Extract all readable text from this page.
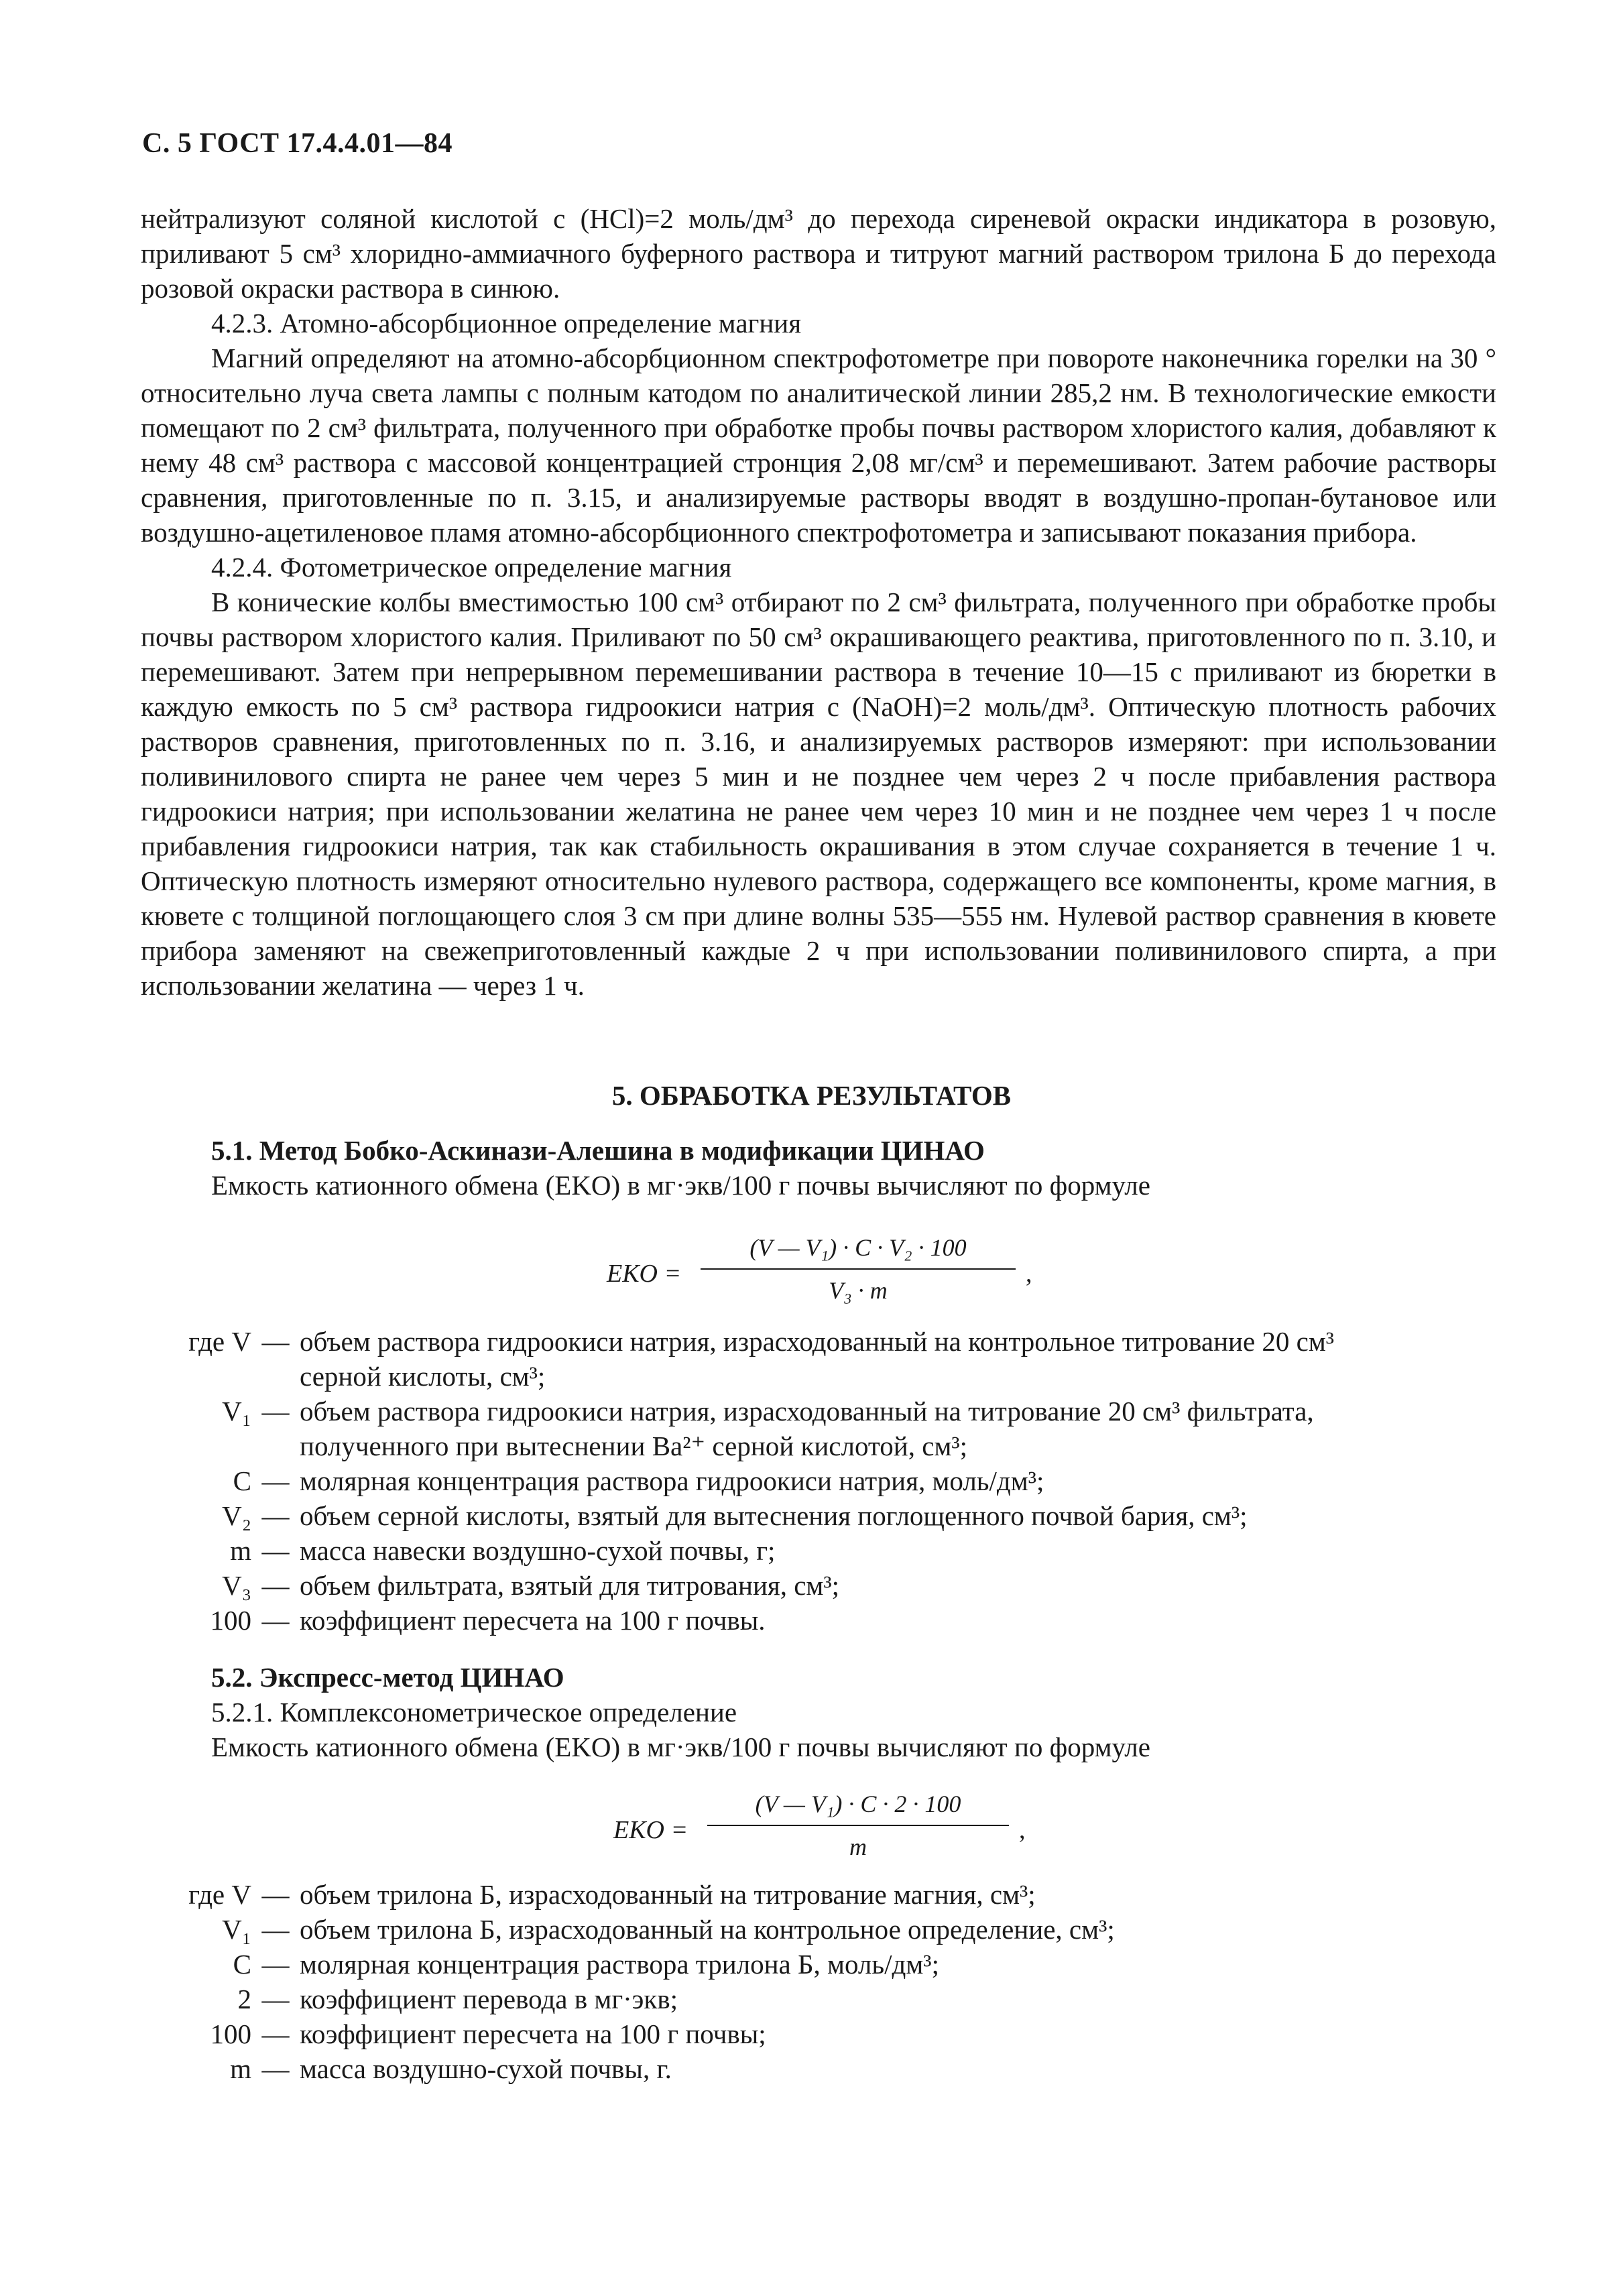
С. 5 ГОСТ 17.4.4.01—84

нейтрализуют соляной кислотой c (HCl)=2 моль/дм³ до перехода сиреневой окраски индикатора в розовую, приливают 5 см³ хлоридно-аммиачного буферного раствора и титруют магний раствором трилона Б до перехода розовой окраски раствора в синюю.

4.2.3. Атомно-абсорбционное определение магния

Магний определяют на атомно-абсорбционном спектрофотометре при повороте наконечника горелки на 30 ° относительно луча света лампы с полным катодом по аналитической линии 285,2 нм. В технологические емкости помещают по 2 см³ фильтрата, полученного при обработке пробы почвы раствором хлористого калия, добавляют к нему 48 см³ раствора с массовой концентрацией стронция 2,08 мг/см³ и перемешивают. Затем рабочие растворы сравнения, приготовленные по п. 3.15, и анализируемые растворы вводят в воздушно-пропан-бутановое или воздушно-ацетиленовое пламя атомно-абсорбционного спектрофотометра и записывают показания прибора.

4.2.4. Фотометрическое определение магния

В конические колбы вместимостью 100 см³ отбирают по 2 см³ фильтрата, полученного при обработке пробы почвы раствором хлористого калия. Приливают по 50 см³ окрашивающего реактива, приготовленного по п. 3.10, и перемешивают. Затем при непрерывном перемешивании раствора в течение 10—15 с приливают из бюретки в каждую емкость по 5 см³ раствора гидроокиси натрия c (NaOH)=2 моль/дм³. Оптическую плотность рабочих растворов сравнения, приготовленных по п. 3.16, и анализируемых растворов измеряют: при использовании поливинилового спирта не ранее чем через 5 мин и не позднее чем через 2 ч после прибавления раствора гидроокиси натрия; при использовании желатина не ранее чем через 10 мин и не позднее чем через 1 ч после прибавления гидроокиси натрия, так как стабильность окрашивания в этом случае сохраняется в течение 1 ч. Оптическую плотность измеряют относительно нулевого раствора, содержащего все компоненты, кроме магния, в кювете с толщиной поглощающего слоя 3 см при длине волны 535—555 нм. Нулевой раствор сравнения в кювете прибора заменяют на свежеприготовленный каждые 2 ч при использовании поливинилового спирта, а при использовании желатина — через 1 ч.

5. ОБРАБОТКА РЕЗУЛЬТАТОВ
5.1. Метод Бобко-Аскинази-Алешина в модификации ЦИНАО
Емкость катионного обмена (EKO) в мг·экв/100 г почвы вычисляют по формуле
EKO =
(V — V₁) · C · V₂ · 100
V₃ · m
,
где V — объем раствора гидроокиси натрия, израсходованный на контрольное титрование 20 см³
серной кислоты, см³;
V₁ — объем раствора гидроокиси натрия, израсходованный на титрование 20 см³ фильтрата,
полученного при вытеснении Ba²⁺ серной кислотой, см³;
C — молярная концентрация раствора гидроокиси натрия, моль/дм³;
V₂ — объем серной кислоты, взятый для вытеснения поглощенного почвой бария, см³;
m — масса навески воздушно-сухой почвы, г;
V₃ — объем фильтрата, взятый для титрования, см³;
100 — коэффициент пересчета на 100 г почвы.
5.2. Экспресс-метод ЦИНАО
5.2.1. Комплексонометрическое определение
Емкость катионного обмена (EKO) в мг·экв/100 г почвы вычисляют по формуле
EKO =
(V — V₁) · C · 2 · 100
m
,
где V — объем трилона Б, израсходованный на титрование магния, см³;
V₁ — объем трилона Б, израсходованный на контрольное определение, см³;
C — молярная концентрация раствора трилона Б, моль/дм³;
2 — коэффициент перевода в мг·экв;
100 — коэффициент пересчета на 100 г почвы;
m — масса воздушно-сухой почвы, г.
